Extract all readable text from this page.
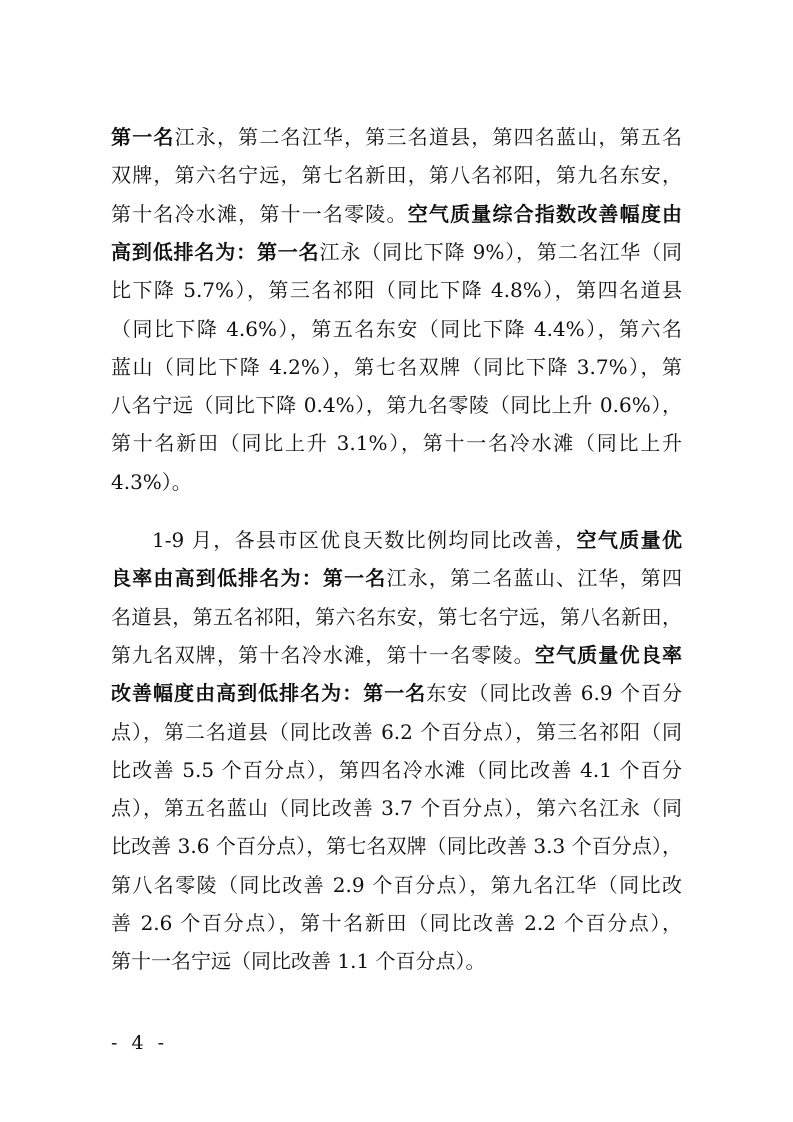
第一名江永，第二名江华，第三名道县，第四名蓝山，第五名
双牌，第六名宁远，第七名新田，第八名祁阳，第九名东安，
第十名冷水滩，第十一名零陵。空气质量综合指数改善幅度由
高到低排名为：第一名江永（同比下降 9%），第二名江华（同
比下降 5.7%），第三名祁阳（同比下降 4.8%），第四名道县
（同比下降 4.6%），第五名东安（同比下降 4.4%），第六名
蓝山（同比下降 4.2%），第七名双牌（同比下降 3.7%），第
八名宁远（同比下降 0.4%），第九名零陵（同比上升 0.6%），
第十名新田（同比上升 3.1%），第十一名冷水滩（同比上升
4.3%）。
1-9 月，各县市区优良天数比例均同比改善，空气质量优
良率由高到低排名为：第一名江永，第二名蓝山、江华，第四
名道县，第五名祁阳，第六名东安，第七名宁远，第八名新田，
第九名双牌，第十名冷水滩，第十一名零陵。空气质量优良率
改善幅度由高到低排名为：第一名东安（同比改善 6.9 个百分
点），第二名道县（同比改善 6.2 个百分点），第三名祁阳（同
比改善 5.5 个百分点），第四名冷水滩（同比改善 4.1 个百分
点），第五名蓝山（同比改善 3.7 个百分点），第六名江永（同
比改善 3.6 个百分点），第七名双牌（同比改善 3.3 个百分点），
第八名零陵（同比改善 2.9 个百分点），第九名江华（同比改
善 2.6 个百分点），第十名新田（同比改善 2.2 个百分点），
第十一名宁远（同比改善 1.1 个百分点）。
- 4 -
